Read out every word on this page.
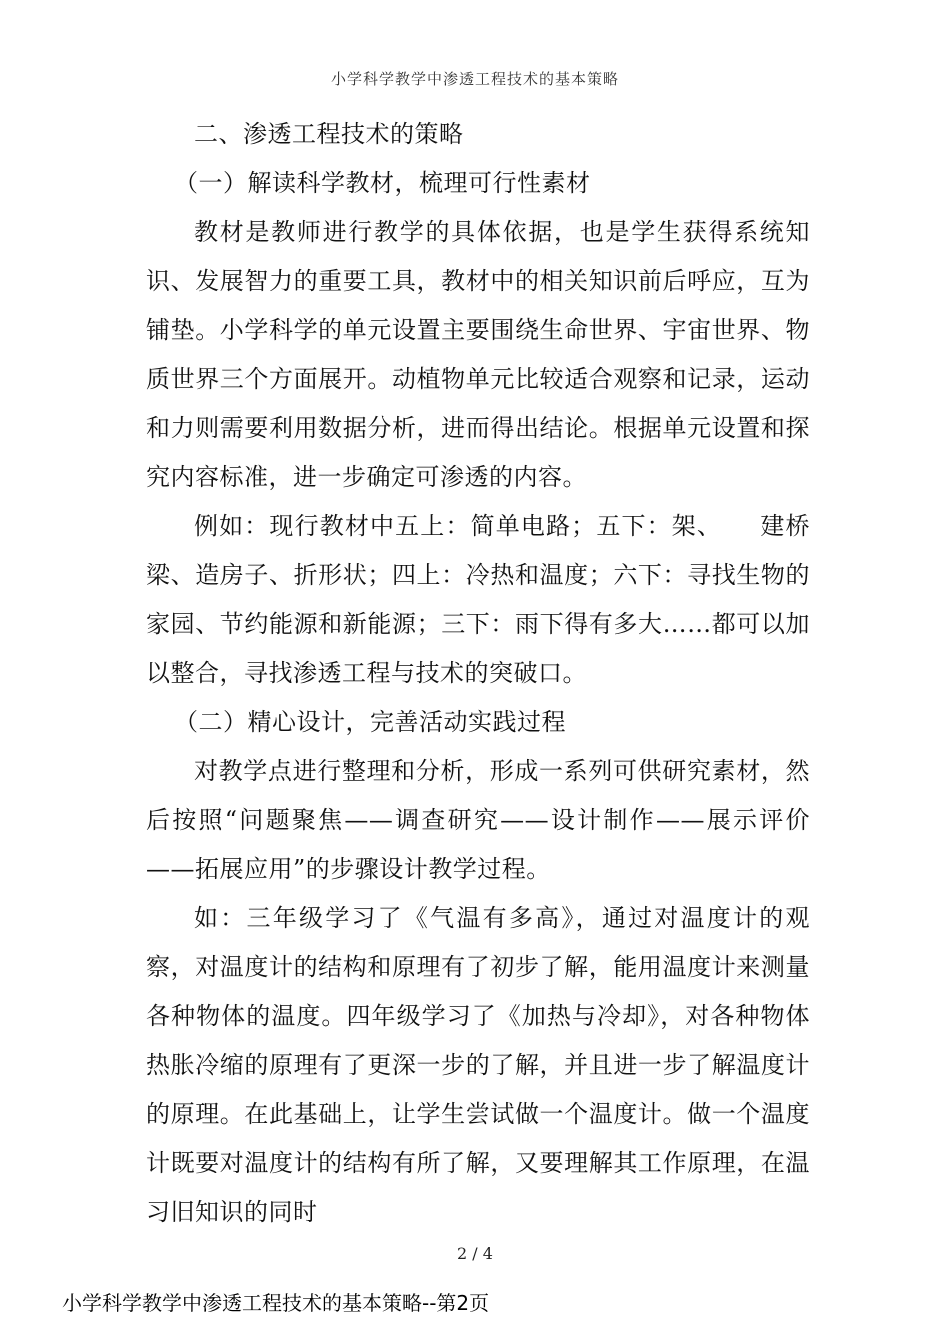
小学科学教学中渗透工程技术的基本策略

二、渗透工程技术的策略

（一）解读科学教材，梳理可行性素材

教材是教师进行教学的具体依据，也是学生获得系统知识、发展智力的重要工具，教材中的相关知识前后呼应，互为铺垫。小学科学的单元设置主要围绕生命世界、宇宙世界、物质世界三个方面展开。动植物单元比较适合观察和记录，运动和力则需要利用数据分析，进而得出结论。根据单元设置和探究内容标准，进一步确定可渗透的内容。

例如：现行教材中五上：简单电路；五下：架、　　建桥梁、造房子、折形状；四上：冷热和温度；六下：寻找生物的家园、节约能源和新能源；三下：雨下得有多大……都可以加以整合，寻找渗透工程与技术的突破口。

（二）精心设计，完善活动实践过程

对教学点进行整理和分析，形成一系列可供研究素材，然后按照“问题聚焦——调查研究——设计制作——展示评价——拓展应用”的步骤设计教学过程。

如：三年级学习了《气温有多高》，通过对温度计的观察，对温度计的结构和原理有了初步了解，能用温度计来测量各种物体的温度。四年级学习了《加热与冷却》，对各种物体热胀冷缩的原理有了更深一步的了解，并且进一步了解温度计的原理。在此基础上，让学生尝试做一个温度计。做一个温度计既要对温度计的结构有所了解，又要理解其工作原理，在温习旧知识的同时

2 / 4
小学科学教学中渗透工程技术的基本策略--第2页
